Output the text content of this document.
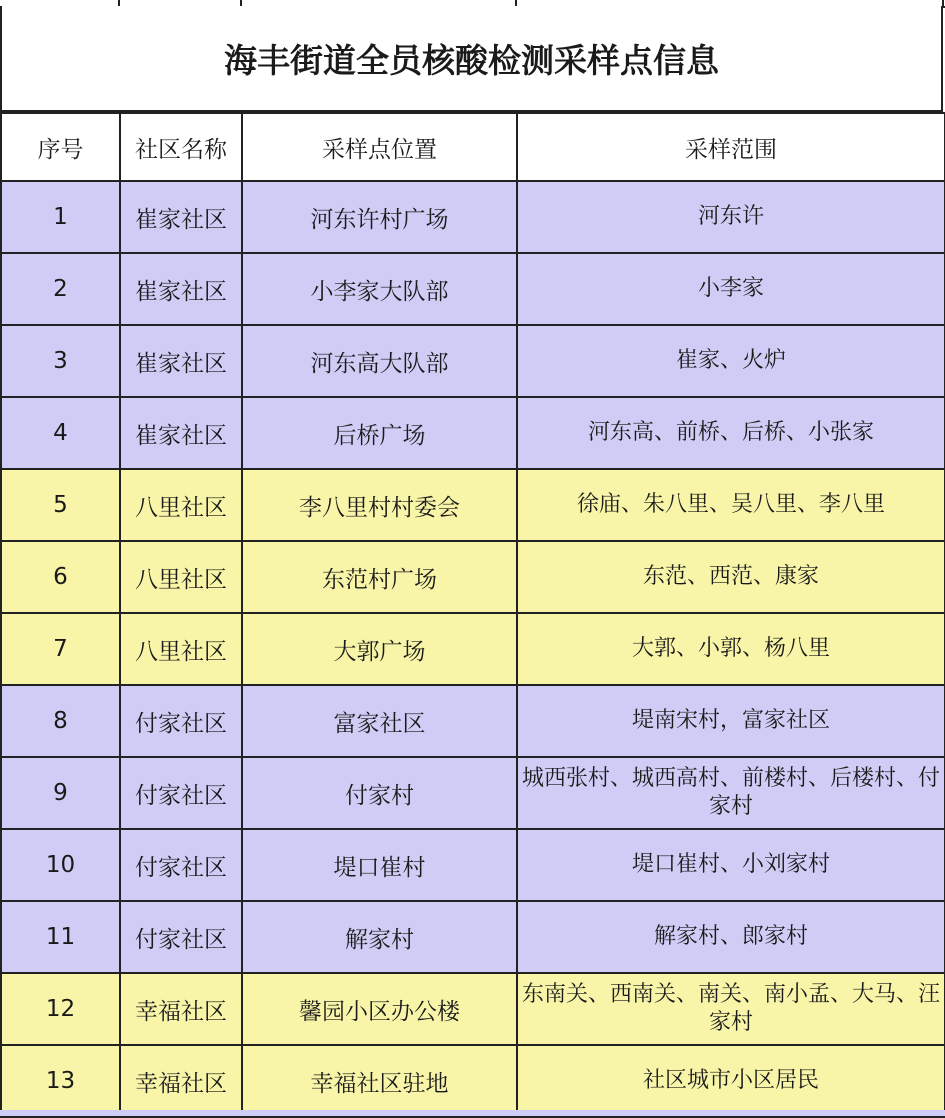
海丰街道全员核酸检测采样点信息
序号	社区名称	采样点位置	采样范围
1	崔家社区	河东许村广场	河东许
2	崔家社区	小李家大队部	小李家
3	崔家社区	河东高大队部	崔家、火炉
4	崔家社区	后桥广场	河东高、前桥、后桥、小张家
5	八里社区	李八里村村委会	徐庙、朱八里、吴八里、李八里
6	八里社区	东范村广场	东范、西范、康家
7	八里社区	大郭广场	大郭、小郭、杨八里
8	付家社区	富家社区	堤南宋村，富家社区
9	付家社区	付家村	城西张村、城西高村、前楼村、后楼村、付家村
10	付家社区	堤口崔村	堤口崔村、小刘家村
11	付家社区	解家村	解家村、郎家村
12	幸福社区	馨园小区办公楼	东南关、西南关、南关、南小孟、大马、汪家村
13	幸福社区	幸福社区驻地	社区城市小区居民
